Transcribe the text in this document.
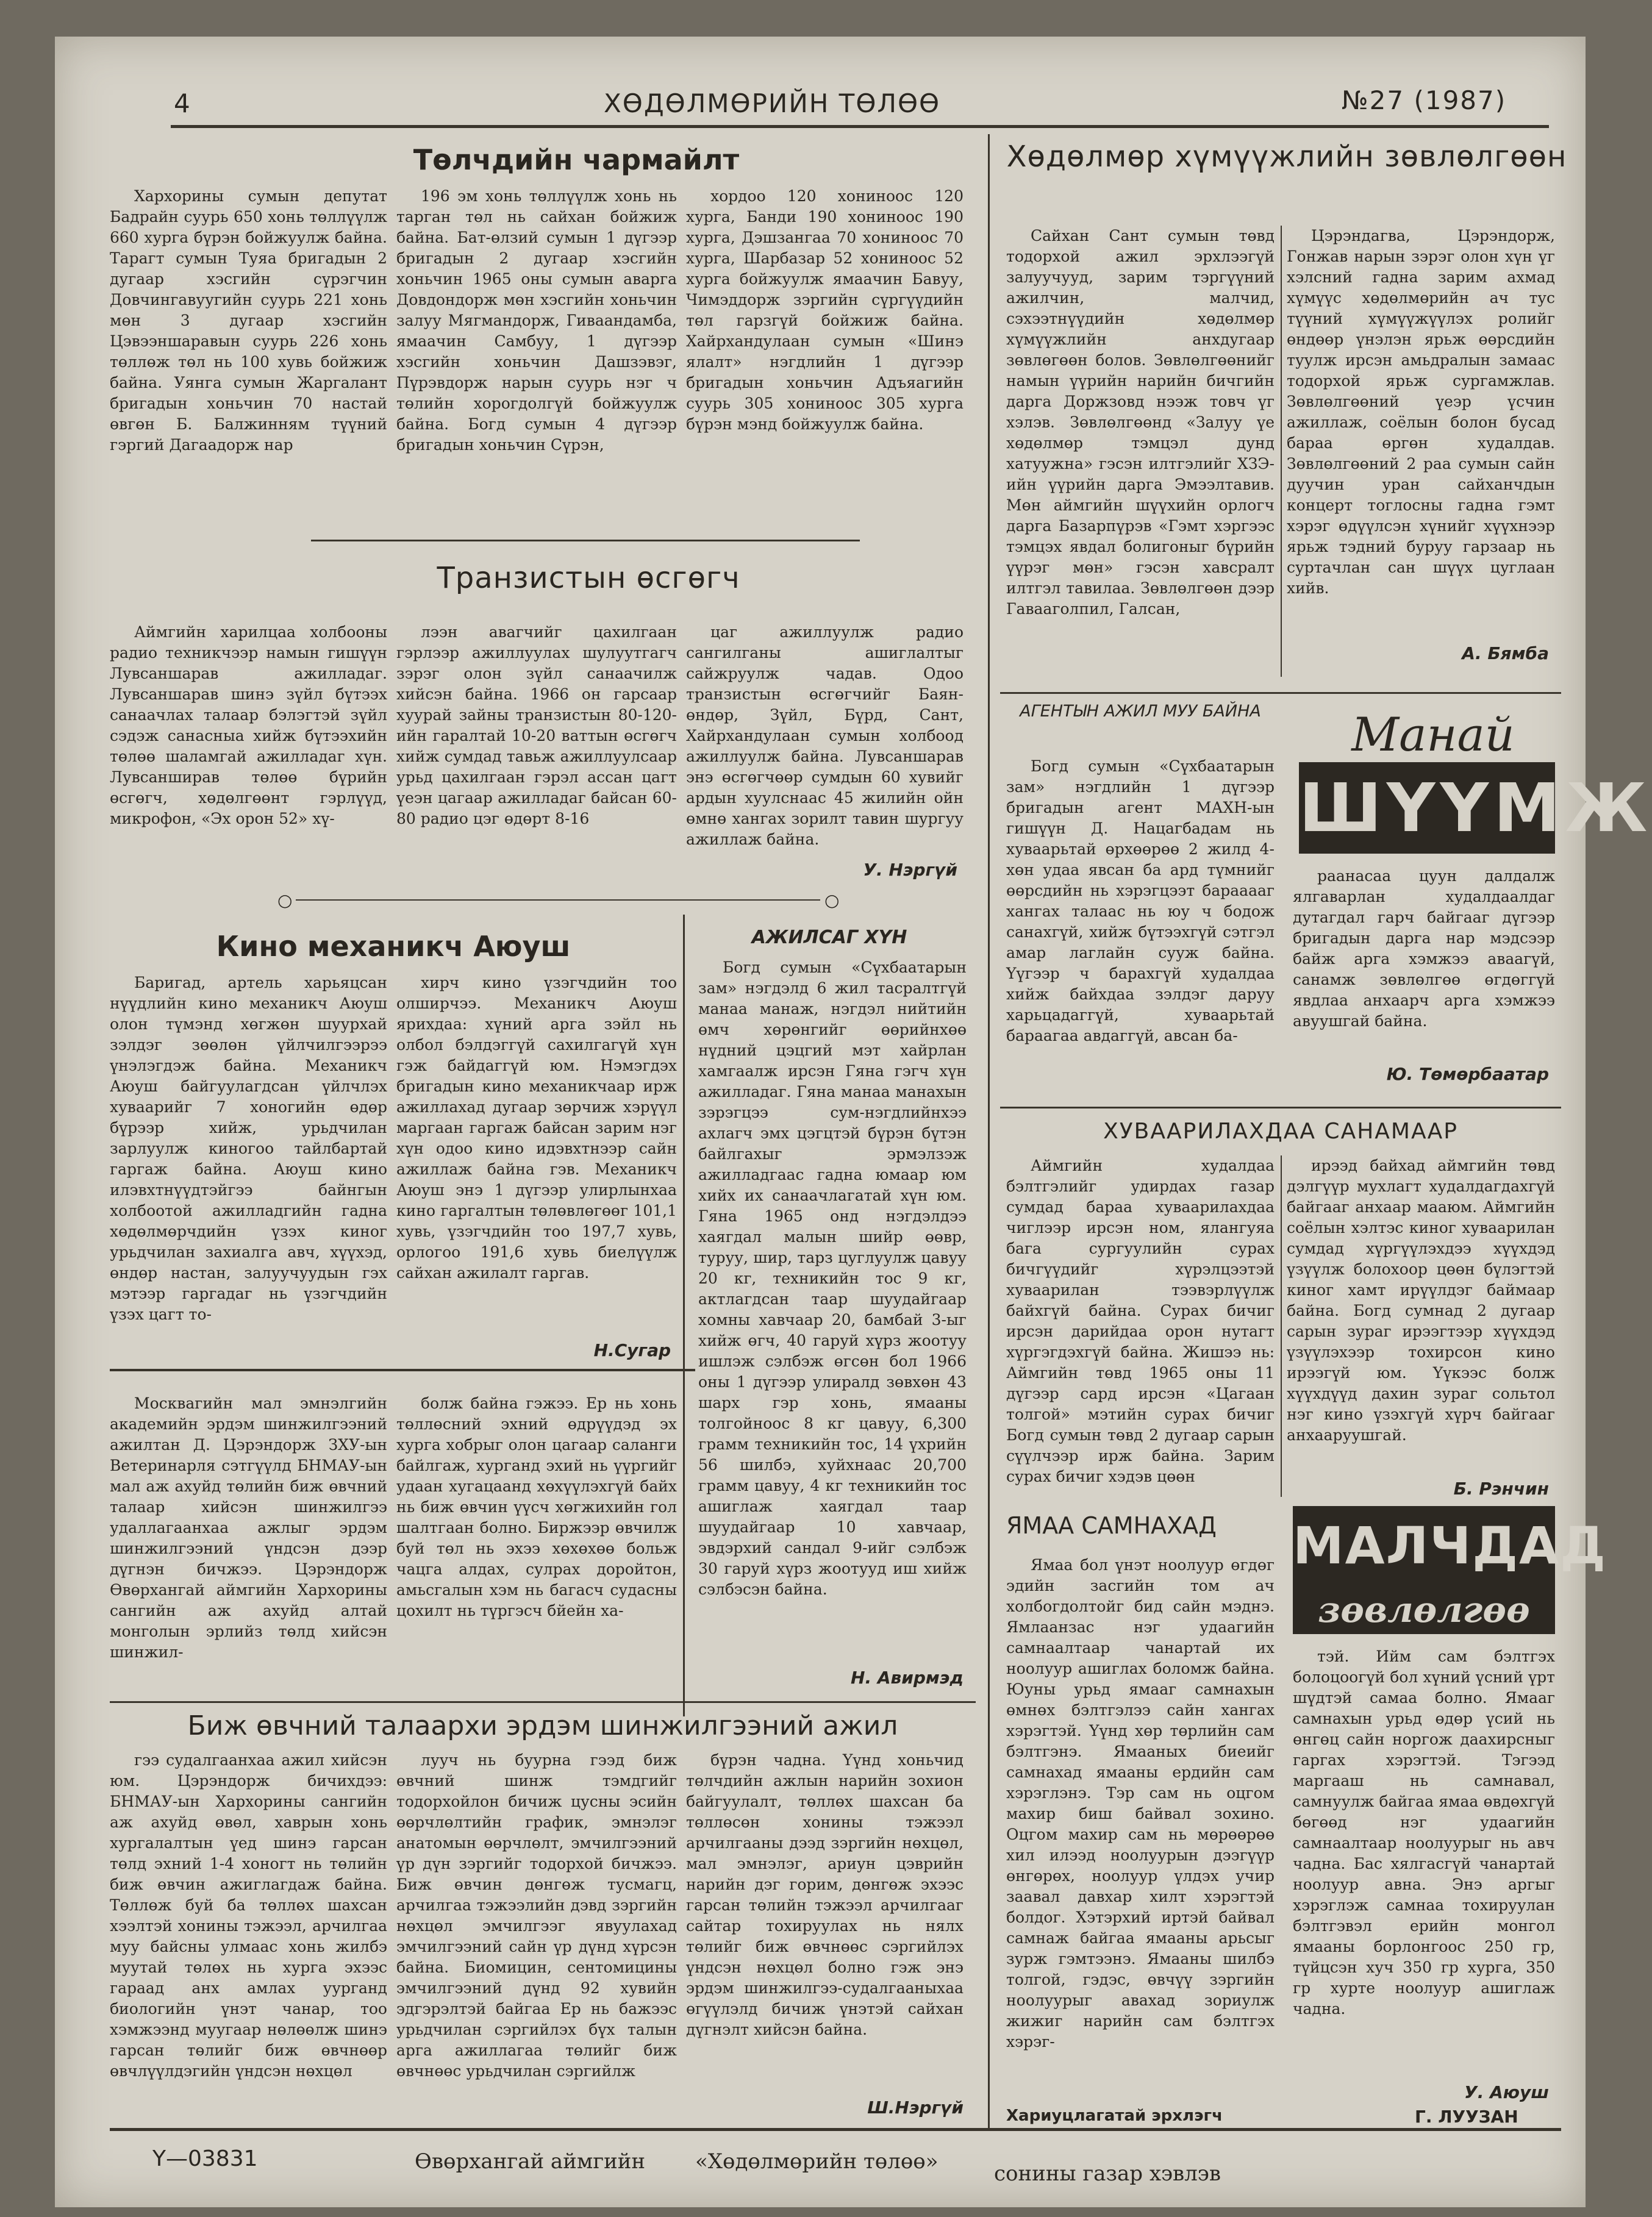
4	ХӨДӨЛМӨРИЙН ТӨЛӨӨ	№27 (1987)
Төлчдийн чармайлт

Хархорины сумын депутат Бадрайн суурь 650 хонь төллүүлж 660 хурга бүрэн бойжуулж байна. Тарагт сумын Туяа бригадын 2 дугаар хэсгийн сүрэгчин Довчингавуугийн суурь 221 хонь мөн 3 дугаар хэсгийн Цэвээншаравын суурь 226 хонь төллөж төл нь 100 хувь бойжиж байна. Уянга сумын Жаргалант бригадын хоньчин 70 настай өвгөн Б. Балжинням түүний гэргий Дагаадорж нар

196 эм хонь төллүүлж хонь нь тарган төл нь сайхан бойжиж байна. Бат-өлзий сумын 1 дүгээр бригадын 2 дугаар хэсгийн хоньчин 1965 оны сумын аварга Довдондорж мөн хэсгийн хоньчин залуу Мягмандорж, Гиваандамба, ямаачин Самбуу, 1 дүгээр хэсгийн хоньчин Дашзэвэг, Пүрэвдорж нарын суурь нэг ч төлийн хорогдолгүй бойжуулж байна. Богд сумын 4 дүгээр бригадын хоньчин Сүрэн,

хордоо 120 хониноос 120 хурга, Банди 190 хониноос 190 хурга, Дэшзангаа 70 хониноос 70 хурга, Шарбазар 52 хониноос 52 хурга бойжуулж ямаачин Бавуу, Чимэддорж зэргийн сүргүүдийн төл гарзгүй бойжиж байна. Хайрхандулаан сумын «Шинэ ялалт» нэгдлийн 1 дүгээр бригадын хоньчин Адъяагийн суурь 305 хониноос 305 хурга бүрэн мэнд бойжуулж байна.

Транзистын өсгөгч

Аймгийн харилцаа холбооны радио техникчээр намын гишүүн Лувсаншарав ажилладаг. Лувсаншарав шинэ зүйл бүтээх санаачлах талаар бэлэгтэй зүйл сэдэж санасныа хийж бүтээхийн төлөө шаламгай ажилладаг хүн. Лувсанширав төлөө бүрийн өсгөгч, хөдөлгөөнт гэрлүүд, микрофон, «Эх орон 52» хү-

лээн авагчийг цахилгаан гэрлээр ажиллуулах шулуутгагч зэрэг олон зүйл санаачилж хийсэн байна. 1966 он гарсаар хуурай зайны транзистын 80-120-ийн гаралтай 10-20 ваттын өсгөгч хийж сумдад тавьж ажиллуулсаар урьд цахилгаан гэрэл ассан цагт үеэн цагаар ажилладаг байсан 60-80 радио цэг өдөрт 8-16

цаг ажиллуулж радио сангилганы ашиглалтыг сайжруулж чадав. Одоо транзистын өсгөгчийг Баян-өндөр, Зүйл, Бүрд, Сант, Хайрхандулаан сумын холбоод ажиллуулж байна. Лувсаншарав энэ өсгөгчөөр сумдын 60 хувийг ардын хуулснаас 45 жилийн ойн өмнө хангах зорилт тавин шургуу ажиллаж байна.

У. Нэргүй
○	○
Кино механикч Аюуш

Баригад, артель харьяцсан нүүдлийн кино механикч Аюуш олон түмэнд хөгжөн шуурхай зэлдэг зөөлөн үйлчилгээрээ үнэлэгдэж байна. Механикч Аюуш байгуулагдсан үйлчлэх хуваарийг 7 хоногийн өдөр бүрээр хийж, урьдчилан зарлуулж киногоо тайлбартай гаргаж байна. Аюуш кино илэвхтнүүдтэйгээ байнгын холбоотой ажилладгийн гадна хөдөлмөрчдийн үзэх киног урьдчилан захиалга авч, хүүхэд, өндөр настан, залуучуудын гэх мэтээр гаргадаг нь үзэгчдийн үзэх цагт то-

хирч кино үзэгчдийн тоо олширчээ. Механикч Аюуш ярихдаа: хүний арга зэйл нь олбол бэлдэггүй сахилгагүй хүн гэж байдаггүй юм. Нэмэгдэх бригадын кино механикчаар ирж ажиллахад дугаар зөрчиж хэрүүл маргаан гаргаж байсан зарим нэг хүн одоо кино идэвхтнээр сайн ажиллаж байна гэв. Механикч Аюуш энэ 1 дүгээр улирлынхаа кино гаргалтын төлөвлөгөөг 101,1 хувь, үзэгчдийн тоо 197,7 хувь, орлогоо 191,6 хувь биелүүлж сайхан ажилалт гаргав.

Н.Сугар
АЖИЛСАГ ХҮН

Богд сумын «Сүхбаатарын зам» нэгдэлд 6 жил тасралтгүй манаа манаж, нэгдэл нийтийн өмч хөрөнгийг өөрийнхөө нүдний цэцгий мэт хайрлан хамгаалж ирсэн Гяна гэгч хүн ажилладаг. Гяна манаа манахын зэрэгцээ сум-нэгдлийнхээ ахлагч эмх цэгцтэй бүрэн бүтэн байлгахыг эрмэлзэж ажилладгаас гадна юмаар юм хийх их санаачлагатай хүн юм. Гяна 1965 онд нэгдэлдээ хаягдал малын шийр өөвр, туруу, шир, тарз цуглуулж цавуу 20 кг, техникийн тос 9 кг, актлагдсан таар шуудайгаар хомны хавчаар 20, бамбай 3-ыг хийж өгч, 40 гаруй хүрз жоотуу ишлэж сэлбэж өгсөн бол 1966 оны 1 дүгээр улиралд зөвхөн 43 шарх гэр хонь, ямааны толгойноос 8 кг цавуу, 6,300 грамм техникийн тос, 14 үхрийн 56 шилбэ, хуйхнаас 20,700 грамм цавуу, 4 кг техникийн тос ашиглаж хаягдал таар шуудайгаар 10 хавчаар, эвдэрхий сандал 9-ийг сэлбэж 30 гаруй хүрз жоотууд иш хийж сэлбэсэн байна.

Н. Авирмэд

Москвагийн мал эмнэлгийн академийн эрдэм шинжилгээний ажилтан Д. Цэрэндорж ЗХУ-ын Ветеринарля сэтгүүлд БНМАУ-ын мал аж ахуйд төлийн биж өвчний талаар хийсэн шинжилгээ удаллагаанхаа ажлыг эрдэм шинжилгээний үндсэн дээр дүгнэн бичжээ. Цэрэндорж Өвөрхангай аймгийн Хархорины сангийн аж ахуйд алтай монголын эрлийз төлд хийсэн шинжил-

болж байна гэжээ. Ер нь хонь төллөсний эхний өдрүүдэд эх хурга хобрыг олон цагаар саланги байлгаж, хурганд эхий нь үүргийг удаан хугацаанд хөхүүлэхгүй байх нь биж өвчин үүсч хөгжихийн гол шалтгаан болно. Биржээр өвчилж буй төл нь эхээ хөхөхөө больж чацга алдах, сулрах доройтон, амьсгалын хэм нь багасч судасны цохилт нь түргэсч бйейн ха-

Биж өвчний талаархи эрдэм шинжилгээний ажил

гээ судалгаанхаа ажил хийсэн юм. Цэрэндорж бичихдээ: БНМАУ-ын Хархорины сангийн аж ахуйд өвөл, хаврын хонь хургалалтын үед шинэ гарсан төлд эхний 1-4 хоногт нь төлийн биж өвчин ажиглагдаж байна. Төллөж буй ба төллөх шахсан хээлтэй хонины тэжээл, арчилгаа муу байсны улмаас хонь жилбэ муутай төлөх нь хурга эхээс гараад анх амлах уурганд биологийн үнэт чанар, тоо хэмжээнд муугаар нөлөөлж шинэ гарсан төлийг биж өвчнөөр өвчлүүлдэгийн үндсэн нөхцөл

лууч нь буурна гээд биж өвчний шинж тэмдгийг тодорхойлон бичиж цусны эсийн өөрчлөлтийн график, эмнэлэг анатомын өөрчлөлт, эмчилгээний үр дүн зэргийг тодорхой бичжээ. Биж өвчин дөнгөж тусмагц, арчилгаа тэжээлийн дэвд зэргийн нөхцөл эмчилгээг явуулахад эмчилгээний сайн үр дүнд хүрсэн байна. Биомицин, сентомицины эмчилгээний дүнд 92 хувийн эдгэрэлтэй байгаа Ер нь бажээс урьдчилан сэргийлэх бүх талын арга ажиллагаа төлийг биж өвчнөөс урьдчилан сэргийлж

бүрэн чадна. Үүнд хоньчид төлчдийн ажлын нарийн зохион байгуулалт, төллөх шахсан ба төллөсөн хонины тэжээл арчилгааны дээд зэргийн нөхцөл, мал эмнэлэг, ариун цэврийн нарийн дэг горим, дөнгөж эхээс гарсан төлийн тэжээл арчилгааг сайтар тохируулах нь нялх төлийг биж өвчнөөс сэргийлэх үндсэн нөхцөл болно гэж энэ эрдэм шинжилгээ-судалгааныхаа өгүүлэлд бичиж үнэтэй сайхан дүгнэлт хийсэн байна.

Ш.Нэргүй
Хөдөлмөр хүмүүжлийн зөвлөлгөөн

Сайхан Сант сумын төвд тодорхой ажил эрхлээгүй залуучууд, зарим тэргүүний ажилчин, малчид, сэхээтнүүдийн хөдөлмөр хүмүүжлийн анхдугаар зөвлөгөөн болов. Зөвлөлгөөнийг намын үүрийн нарийн бичгийн дарга Доржзовд нээж товч үг хэлэв. Зөвлөлгөөнд «Залуу үе хөдөлмөр тэмцэл дунд хатуужна» гэсэн илтгэлийг ХЗЭ-ийн үүрийн дарга Эмээлтавив. Мөн аймгийн шүүхийн орлогч дарга Базарпүрэв «Гэмт хэргээс тэмцэх явдал болигоныг бүрийн үүрэг мөн» гэсэн хавсралт илтгэл тавилаа. Зөвлөлгөөн дээр Гавааголпил, Галсан,

Цэрэндагва, Цэрэндорж, Гонжав нарын зэрэг олон хүн үг хэлсний гадна зарим ахмад хүмүүс хөдөлмөрийн ач тус түүний хүмүүжүүлэх ролийг өндөөр үнэлэн ярьж өөрсдийн туулж ирсэн амьдралын замаас тодорхой ярьж сургамжлав. Зөвлөлгөөний үеэр үсчин ажиллаж, соёлын болон бусад бараа өргөн худалдав. Зөвлөлгөөний 2 раа сумын сайн дуучин уран сайханчдын концерт тоглосны гадна гэмт хэрэг өдүүлсэн хүнийг хүүхнээр ярьж тэдний буруу гарзаар нь суртачлан сан шүүх цуглаан хийв.

А. Бямба
АГЕНТЫН АЖИЛ МУУ БАЙНА

Богд сумын «Сүхбаатарын зам» нэгдлийн 1 дүгээр бригадын агент МАХН-ын гишүүн Д. Нацагбадам нь хуваарьтай өрхөөрөө 2 жилд 4-хөн удаа явсан ба ард түмнийг өөрсдийн нь хэрэгцээт барааааг хангах талаас нь юу ч бодож санахгүй, хийж бүтээхгүй сэтгэл амар лаглайн сууж байна. Үүгээр ч барахгүй худалдаа хийж байхдаа зэлдэг даруу харьцадаггүй, хуваарьтай бараагаа авдаггүй, авсан ба-

Манай
ШҮҮМЖ

раанасаа цуун далдалж ялгаварлан худалдаалдаг дутагдал гарч байгааг дүгээр бригадын дарга нар мэдсээр байж арга хэмжээ аваагүй, санамж зөвлөлгөө өгдөггүй явдлаа анхаарч арга хэмжээ авуушгай байна.

Ю. Төмөрбаатар
ХУВААРИЛАХДАА САНАМААР

Аймгийн худалдаа бэлтгэлийг удирдах газар сумдад бараа хуваарилахдаа чиглээр ирсэн ном, ялангуяа бага сургуулийн сурах бичгүүдийг хүрэлцээтэй хуваарилан тээвэрлүүлж байхгүй байна. Сурах бичиг ирсэн дарийдаа орон нутагт хүргэгдэхгүй байна. Жишээ нь: Аймгийн төвд 1965 оны 11 дүгээр сард ирсэн «Цагаан толгой» мэтийн сурах бичиг Богд сумын төвд 2 дугаар сарын сүүлчээр ирж байна. Зарим сурах бичиг хэдэв цөөн

ирээд байхад аймгийн төвд дэлгүүр мухлагт худалдагдахгүй байгааг анхаар мааюм. Аймгийн соёлын хэлтэс киног хуваарилан сумдад хүргүүлэхдээ хүүхдэд үзүүлж болохоор цөөн бүлэгтэй киног хамт ирүүлдэг баймаар байна. Богд сумнад 2 дугаар сарын зураг ирээгтээр хүүхдэд үзүүлэхээр тохирсон кино ирээгүй юм. Үүкээс болж хүүхдүүд дахин зураг сольтол нэг кино үзэхгүй хүрч байгааг анхааруушгай.

Б. Рэнчин
ЯМАА САМНАХАД	МАЛЧДАД
зөвлөлгөө

Ямаа бол үнэт ноолуур өгдөг эдийн засгийн том ач холбогдолтойг бид сайн мэднэ. Ямлаанзас нэг удаагийн самнаалтаар чанартай их ноолуур ашиглах боломж байна. Юуны урьд ямааг самнахын өмнөх бэлтгэлээ сайн хангах хэрэгтэй. Үүнд хөр төрлийн сам бэлтгэнэ. Ямааных биеийг самнахад ямааны ердийн сам хэрэглэнэ. Тэр сам нь оцгом махир биш байвал зохино. Оцгом махир сам нь мөрөөрөө хил илээд ноолуурын дээгүүр өнгөрөх, ноолуур үлдэх учир заавал давхар хилт хэрэгтэй болдог. Хэтэрхий иртэй байвал самнаж байгаа ямааны арьсыг зурж гэмтээнэ. Ямааны шилбэ толгой, гэдэс, өвчүү зэргийн ноолуурыг авахад зориулж жижиг нарийн сам бэлтгэх хэрэг-

тэй. Ийм сам бэлтгэх болоцоогүй бол хүний үсний үрт шүдтэй самаа болно. Ямааг самнахын урьд өдөр үсий нь өнгөц сайн норгож даахирсныг гаргах хэрэгтэй. Тэгээд маргааш нь самнавал, самнуулж байгаа ямаа өвдөхгүй бөгөөд нэг удаагийн самнаалтаар ноолуурыг нь авч чадна. Бас хялгасгүй чанартай ноолуур авна. Энэ аргыг хэрэглэж самнаа тохируулан бэлтгэвэл ерийн монгол ямааны борлонгоос 250 гр, түйцсэн хуч 350 гр хурга, 350 гр хурте ноолуур ашиглаж чадна.

У. Аюуш
Хариуцлагатай эрхлэгч	Г. ЛУУЗАН
Ү—03831	Өвөрхангай аймгийн «Хөдөлмөрийн төлөө»	сонины газар хэвлэв
